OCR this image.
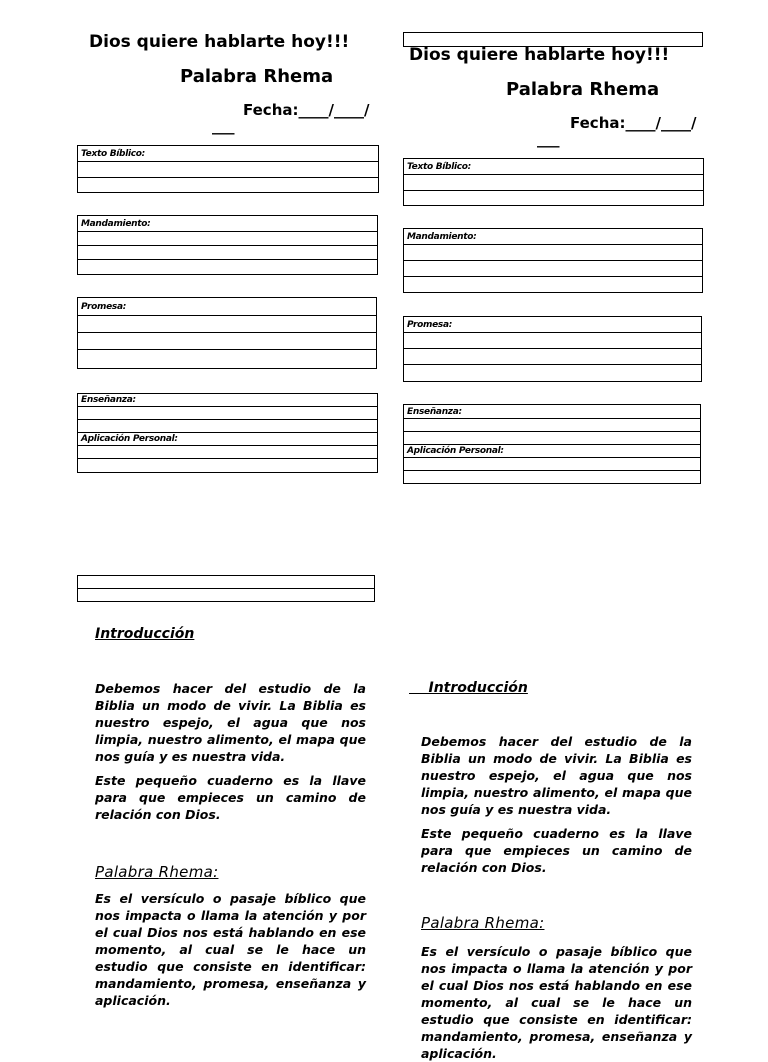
Dios quiere hablarte hoy!!!
Palabra Rhema
Fecha:____/____/
___
Texto Bíblico:

Mandamiento:

Promesa:

Enseñanza:

Aplicación Personal:

Introducción

Debemos hacer del estudio de la Biblia un modo de vivir. La Biblia es nuestro espejo, el agua que nos limpia, nuestro alimento, el mapa que nos guía y es nuestra vida.

Este pequeño cuaderno es la llave para que empieces un camino de relación con Dios.

Palabra Rhema:

Es el versículo o pasaje bíblico que nos impacta o llama la atención y por el cual Dios nos está hablando en ese momento, al cual se le hace un estudio que consiste en identificar: mandamiento, promesa, enseñanza y aplicación.

Dios quiere hablarte hoy!!!
Palabra Rhema
Fecha:____/____/
___
Texto Bíblico:

Mandamiento:

Promesa:

Enseñanza:

Aplicación Personal:

Introducción

Debemos hacer del estudio de la Biblia un modo de vivir. La Biblia es nuestro espejo, el agua que nos limpia, nuestro alimento, el mapa que nos guía y es nuestra vida.

Este pequeño cuaderno es la llave para que empieces un camino de relación con Dios.

Palabra Rhema:

Es el versículo o pasaje bíblico que nos impacta o llama la atención y por el cual Dios nos está hablando en ese momento, al cual se le hace un estudio que consiste en identificar: mandamiento, promesa, enseñanza y aplicación.
